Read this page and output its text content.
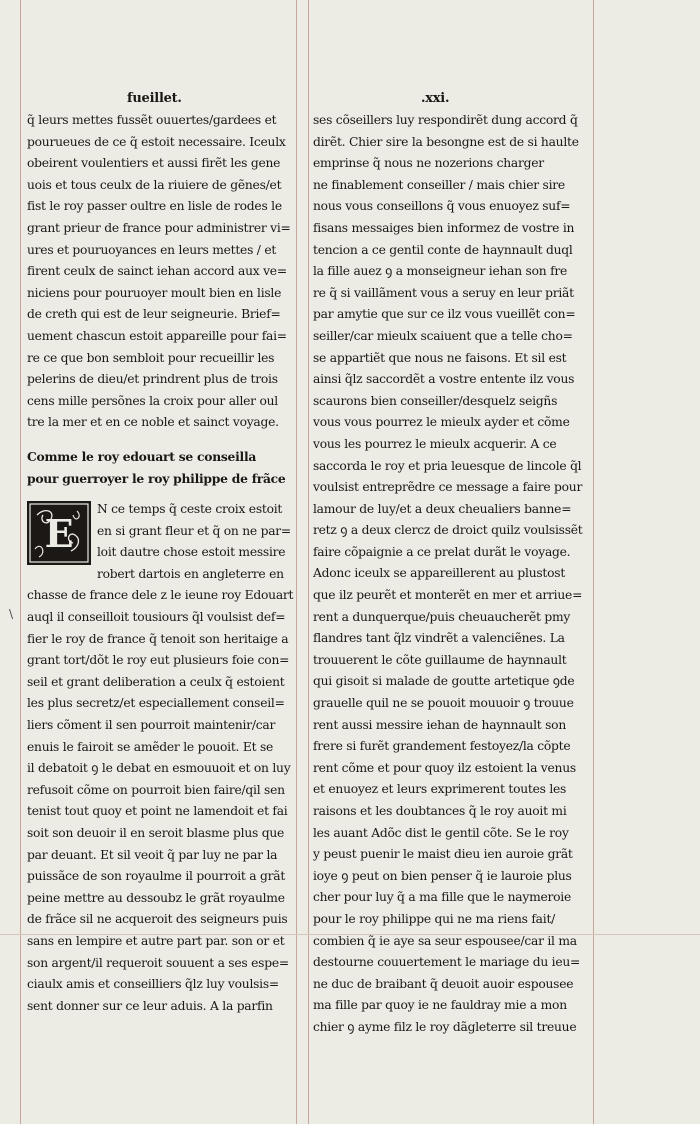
\
fueillet.
q̃ leurs mettes fussẽt ouuertes/gardees et
pourueues de ce q̃ estoit necessaire. Iceulx
obeirent voulentiers et aussi firẽt les gene
uois et tous ceulx de la riuiere de gẽnes/et
fist le roy passer oultre en lisle de rodes le
grant prieur de france pour administrer vi=
ures et pouruoyances en leurs mettes / et
firent ceulx de sainct iehan accord aux ve=
niciens pour pouruoyer moult bien en lisle
de creth qui est de leur seigneurie. Brief=
uement chascun estoit appareille pour fai=
re ce que bon sembloit pour recueillir les
pelerins de dieu/et prindrent plus de trois
cens mille persõnes la croix pour aller oul
tre la mer et en ce noble et sainct voyage.
Comme le roy edouart se conseilla
pour guerroyer le roy philippe de frãce
E
N ce temps q̃ ceste croix estoit
en si grant fleur et q̃ on ne par=
loit dautre chose estoit messire
robert dartois en angleterre en
chasse de france dele z le ieune roy Edouart
auql il conseilloit tousiours q̃l voulsist def=
fier le roy de france q̃ tenoit son heritaige a
grant tort/dõt le roy eut plusieurs foie con=
seil et grant deliberation a ceulx q̃ estoient
les plus secretz/et especiallement conseil=
liers cõment il sen pourroit maintenir/car
enuis le fairoit se amẽder le pouoit. Et se
il debatoit ꝯ le debat en esmouuoit et on luy
refusoit cõme on pourroit bien faire/qil sen
tenist tout quoy et point ne lamendoit et fai
soit son deuoir il en seroit blasme plus que
par deuant. Et sil veoit q̃ par luy ne par la
puissãce de son royaulme il pourroit a grãt
peine mettre au dessoubz le grãt royaulme
de frãce sil ne acqueroit des seigneurs puis
sans en lempire et autre part par. son or et
son argent/il requeroit souuent a ses espe=
ciaulx amis et conseilliers q̃lz luy voulsis=
sent donner sur ce leur aduis. A la parfin
.xxi.
ses cõseillers luy respondirẽt dung accord q̃
dirẽt. Chier sire la besongne est de si haulte
emprinse q̃ nous ne nozerions charger
ne finablement conseiller / mais chier sire
nous vous conseillons q̃ vous enuoyez suf=
fisans messaiges bien informez de vostre in
tencion a ce gentil conte de haynnault duql
la fille auez ꝯ a monseigneur iehan son fre
re q̃ si vaillãment vous a seruy en leur priãt
par amytie que sur ce ilz vous vueillẽt con=
seiller/car mieulx scaiuent que a telle cho=
se appartiẽt que nous ne faisons. Et sil est
ainsi q̃lz saccordẽt a vostre entente ilz vous
scaurons bien conseiller/desquelz seigñs
vous vous pourrez le mieulx ayder et cõme
vous les pourrez le mieulx acquerir. A ce
saccorda le roy et pria leuesque de lincole q̃l
voulsist entreprẽdre ce message a faire pour
lamour de luy/et a deux cheualiers banne=
retz ꝯ a deux clercz de droict quilz voulsissẽt
faire cõpaignie a ce prelat durãt le voyage.
Adonc iceulx se appareillerent au plustost
que ilz peurẽt et monterẽt en mer et arriue=
rent a dunquerque/puis cheuaucherẽt pmy
flandres tant q̃lz vindrẽt a valenciẽnes. La
trouuerent le cõte guillaume de haynnault
qui gisoit si malade de goutte artetique ꝯde
grauelle quil ne se pouoit mouuoir ꝯ trouue
rent aussi messire iehan de haynnault son
frere si furẽt grandement festoyez/la cõpte
rent cõme et pour quoy ilz estoient la venus
et enuoyez et leurs exprimerent toutes les
raisons et les doubtances q̃ le roy auoit mi
les auant Adõc dist le gentil cõte. Se le roy
y peust puenir le maist dieu ien auroie grãt
ioye ꝯ peut on bien penser q̃ ie lauroie plus
cher pour luy q̃ a ma fille que le naymeroie
pour le roy philippe qui ne ma riens fait/
combien q̃ ie aye sa seur espousee/car il ma
destourne couuertement le mariage du ieu=
ne duc de braibant q̃ deuoit auoir espousee
ma fille par quoy ie ne fauldray mie a mon
chier ꝯ ayme filz le roy dãgleterre sil treuue
